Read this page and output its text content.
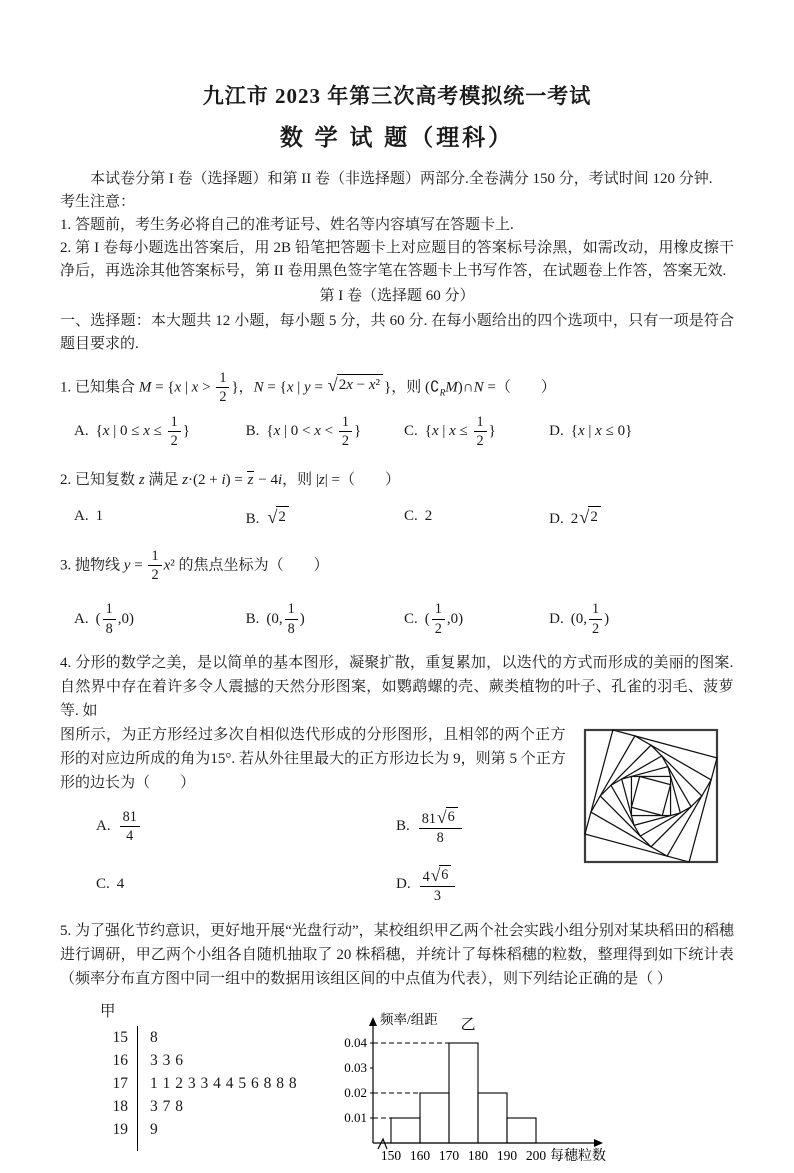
九江市 2023 年第三次高考模拟统一考试
数 学 试 题（理科）

本试卷分第 I 卷（选择题）和第 II 卷（非选择题）两部分.全卷满分 150 分，考试时间 120 分钟.

考生注意：

1. 答题前，考生务必将自己的准考证号、姓名等内容填写在答题卡上.

2. 第 I 卷每小题选出答案后，用 2B 铅笔把答题卡上对应题目的答案标号涂黑，如需改动，用橡皮擦干净后，再选涂其他答案标号，第 II 卷用黑色签字笔在答题卡上书写作答，在试题卷上作答，答案无效.

第 I 卷（选择题 60 分）

一、选择题：本大题共 12 小题，每小题 5 分，共 60 分. 在每小题给出的四个选项中，只有一项是符合题目要求的.

1. 已知集合 M = {x | $x > \frac{1}{2}$ }，N = {x | y = √ 2x − x² }，则 $(∁_RM)\cap N$ =（　　 ）

A. {x | $0 \le x \le \frac{1}{2}$ }	B. {x | $0 < x < \frac{1}{2}$ }	C. {x | $x \le \frac{1}{2}$ }	D. {x | x ≤ 0}

2. 已知复数 z 满足 z·(2 + i) = z − 4i，则 |z| =（　　 ）

A. 1	B. √ 2	C. 2	D. 2 √ 2

3. 抛物线 $y = \frac{1}{2} x^2$ 的焦点坐标为（　　 ）

A. ( $\frac{1}{8} ,0$)	B. (0, $\frac{1}{8}$ )	C. ( $\frac{1}{2} ,0$)	D. (0, $\frac{1}{2}$ )

4. 分形的数学之美，是以简单的基本图形，凝聚扩散，重复累加，以迭代的方式而形成的美丽的图案. 自然界中存在着许多令人震撼的天然分形图案，如鹦鹉螺的壳、蕨类植物的叶子、孔雀的羽毛、菠萝等. 如

图所示，为正方形经过多次自相似迭代形成的分形图形，且相邻的两个正方形的对应边所成的角为15°. 若从外往里最大的正方形边长为 9，则第 5 个正方形的边长为（　　 ）

A. $\frac{81}{4}$	B. $\frac{81 √ 6}{8}$
C. 4	D. $\frac{4 √ 6}{3}$

5. 为了强化节约意识，更好地开展“光盘行动”，某校组织甲乙两个社会实践小组分别对某块稻田的稻穗进行调研，甲乙两个小组各自随机抽取了 20 株稻穗，并统计了每株稻穗的粒数，整理得到如下统计表（频率分布直方图中同一组中的数据用该组区间的中点值为代表），则下列结论正确的是（ ）

甲
15	8
16	3 3 6
17	1 1 2 3 3 4 4 5 6 8 8 8
18	3 7 8
19	9
0.01
0.02
0.03
0.04
150 160 170 180 190 200 每穗粒数
频率/组距 乙
